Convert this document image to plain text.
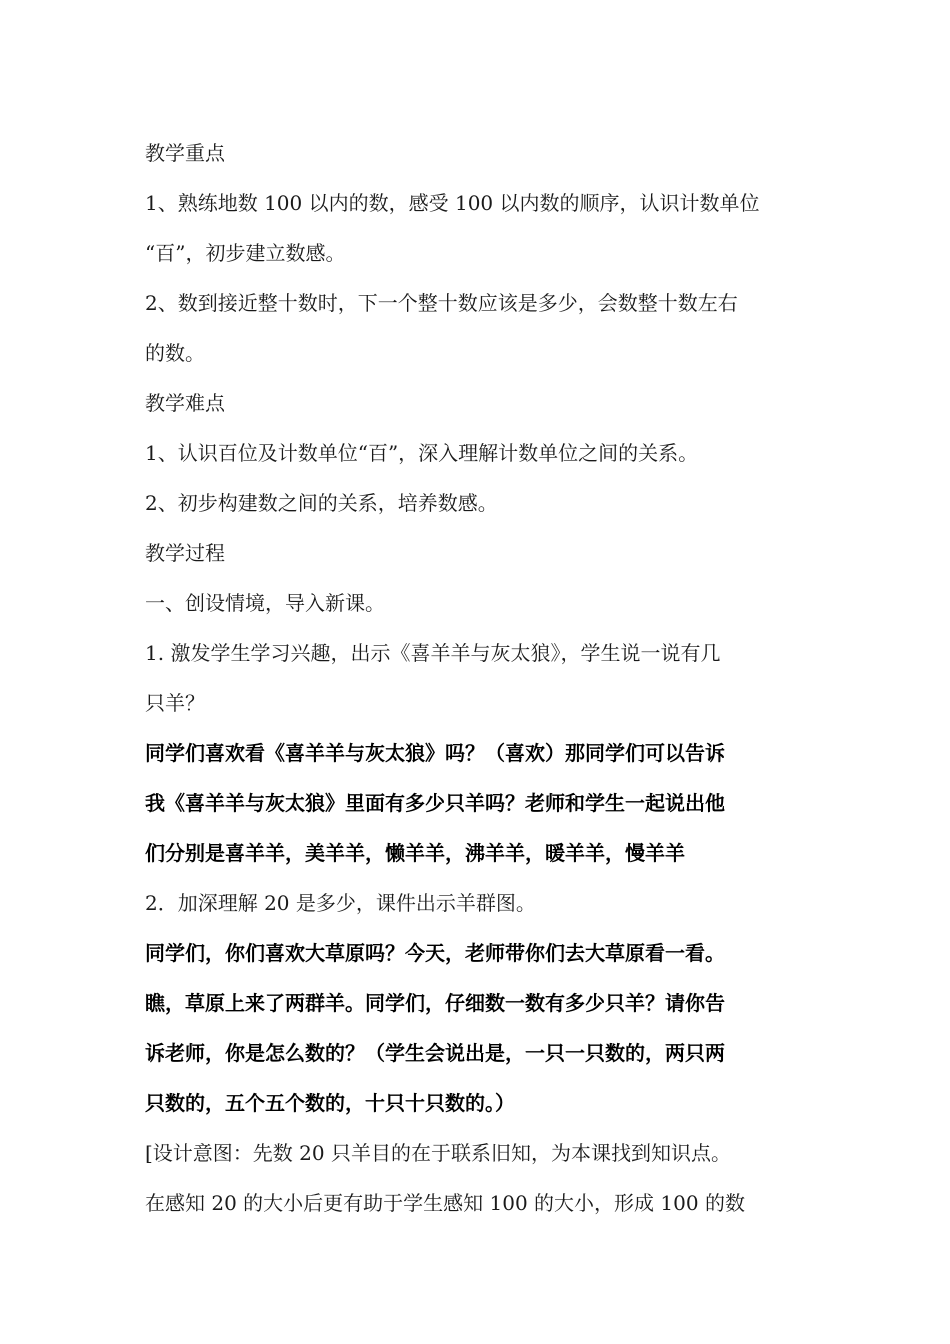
教学重点
1、熟练地数 100 以内的数，感受 100 以内数的顺序，认识计数单位
“百”，初步建立数感。
2、数到接近整十数时，下一个整十数应该是多少，会数整十数左右
的数。
教学难点
1、认识百位及计数单位“百”，深入理解计数单位之间的关系。
2、初步构建数之间的关系，培养数感。
教学过程
一、创设情境，导入新课。
1. 激发学生学习兴趣，出示《喜羊羊与灰太狼》，学生说一说有几
只羊？
同学们喜欢看《喜羊羊与灰太狼》吗？（喜欢）那同学们可以告诉
我《喜羊羊与灰太狼》里面有多少只羊吗？老师和学生一起说出他
们分别是喜羊羊，美羊羊，懒羊羊，沸羊羊，暖羊羊，慢羊羊
2．加深理解 20 是多少，课件出示羊群图。
同学们，你们喜欢大草原吗？今天，老师带你们去大草原看一看。
瞧，草原上来了两群羊。同学们，仔细数一数有多少只羊？请你告
诉老师，你是怎么数的？（学生会说出是，一只一只数的，两只两
只数的，五个五个数的，十只十只数的。）
[设计意图：先数 20 只羊目的在于联系旧知，为本课找到知识点。
在感知 20 的大小后更有助于学生感知 100 的大小，形成 100 的数
